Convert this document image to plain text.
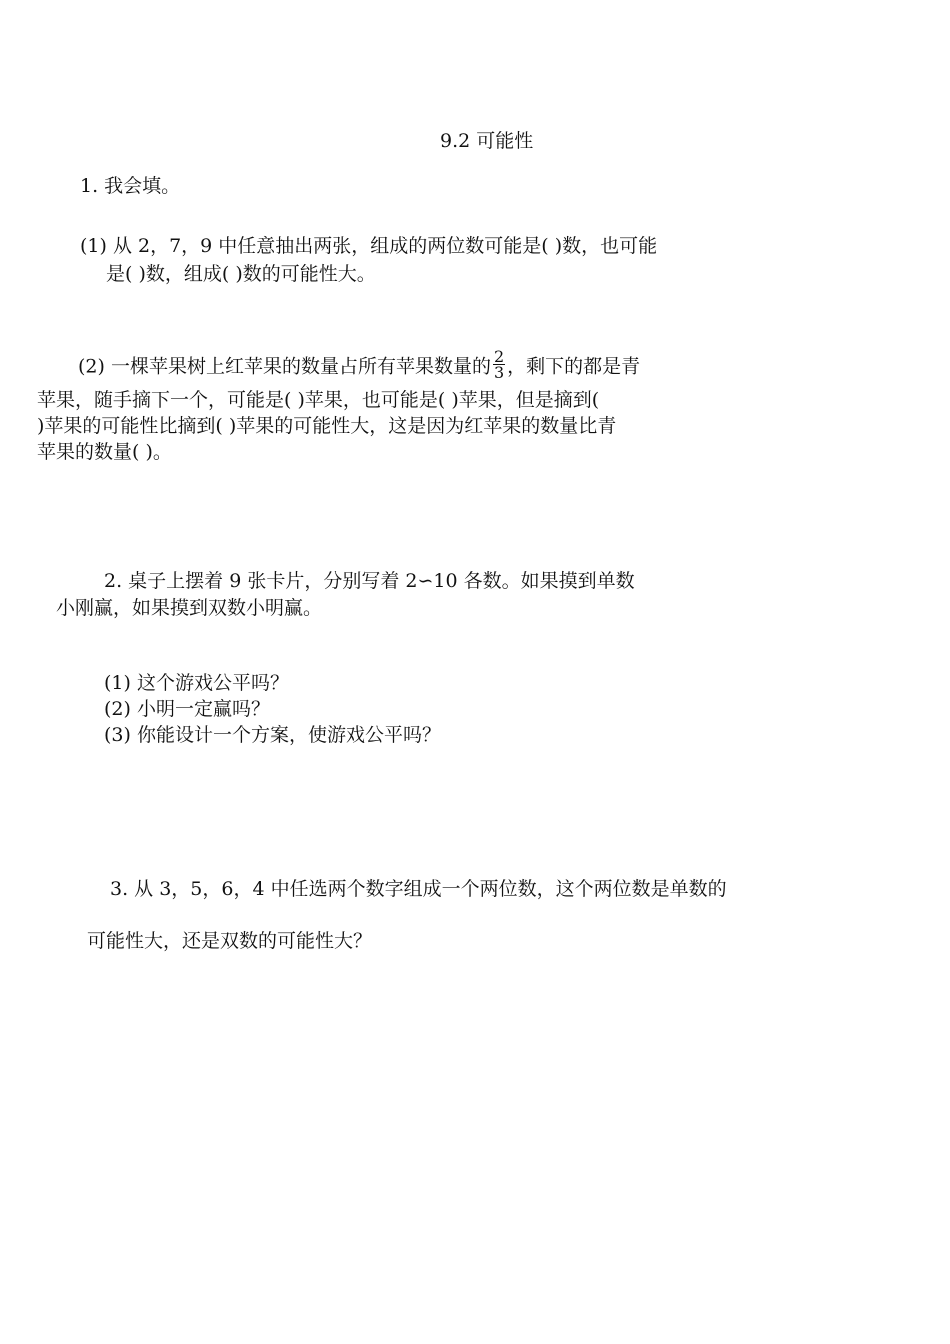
9.2 可能性
1. 我会填。
(1) 从 2，7，9 中任意抽出两张，组成的两位数可能是( )数，也可能
是( )数，组成( )数的可能性大。
(2) 一棵苹果树上红苹果的数量占所有苹果数量的 $\frac{2}{3}$ ，剩下的都是青
苹果，随手摘下一个，可能是( )苹果，也可能是( )苹果，但是摘到(
)苹果的可能性比摘到( )苹果的可能性大，这是因为红苹果的数量比青
苹果的数量( )。
2. 桌子上摆着 9 张卡片，分别写着 2∽10 各数。如果摸到单数
小刚赢，如果摸到双数小明赢。
(1) 这个游戏公平吗？
(2) 小明一定赢吗？
(3) 你能设计一个方案，使游戏公平吗？
3. 从 3，5，6，4 中任选两个数字组成一个两位数，这个两位数是单数的
可能性大，还是双数的可能性大？
